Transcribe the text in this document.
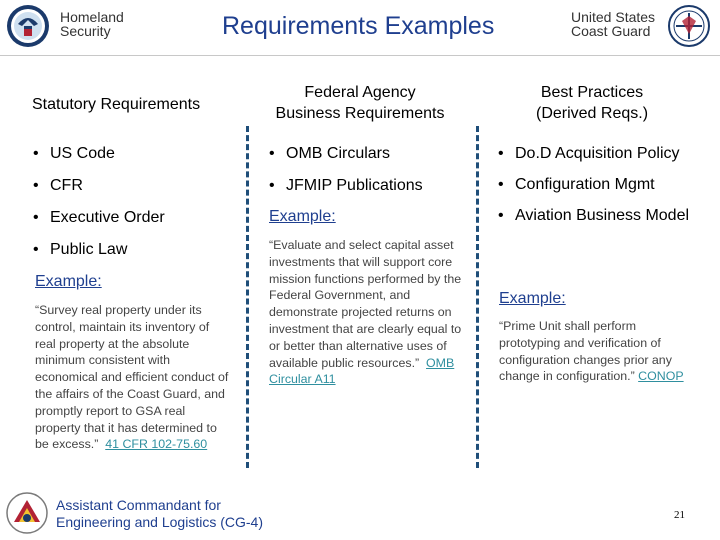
Homeland
Security	Requirements Examples	United States
Coast Guard
Statutory Requirements
Federal Agency
Business Requirements
Best Practices
(Derived Reqs.)
• US Code
• CFR
• Executive Order
• Public Law
Example:
“Survey real property under its control, maintain its inventory of real property at the absolute minimum consistent with economical and efficient conduct of the affairs of the Coast Guard, and promptly report to GSA real property that it has determined to be excess.” 41 CFR 102-75.60
• OMB Circulars
• JFMIP Publications
Example:
“Evaluate and select capital asset investments that will support core mission functions performed by the Federal Government, and demonstrate projected returns on investment that are clearly equal to or better than alternative uses of available public resources.” OMB Circular A11
• Do.D Acquisition Policy
• Configuration Mgmt
• Aviation Business Model
Example:
“Prime Unit shall perform prototyping and verification of configuration changes prior any change in configuration.” CONOP
Assistant Commandant for
Engineering and Logistics (CG-4)	21
